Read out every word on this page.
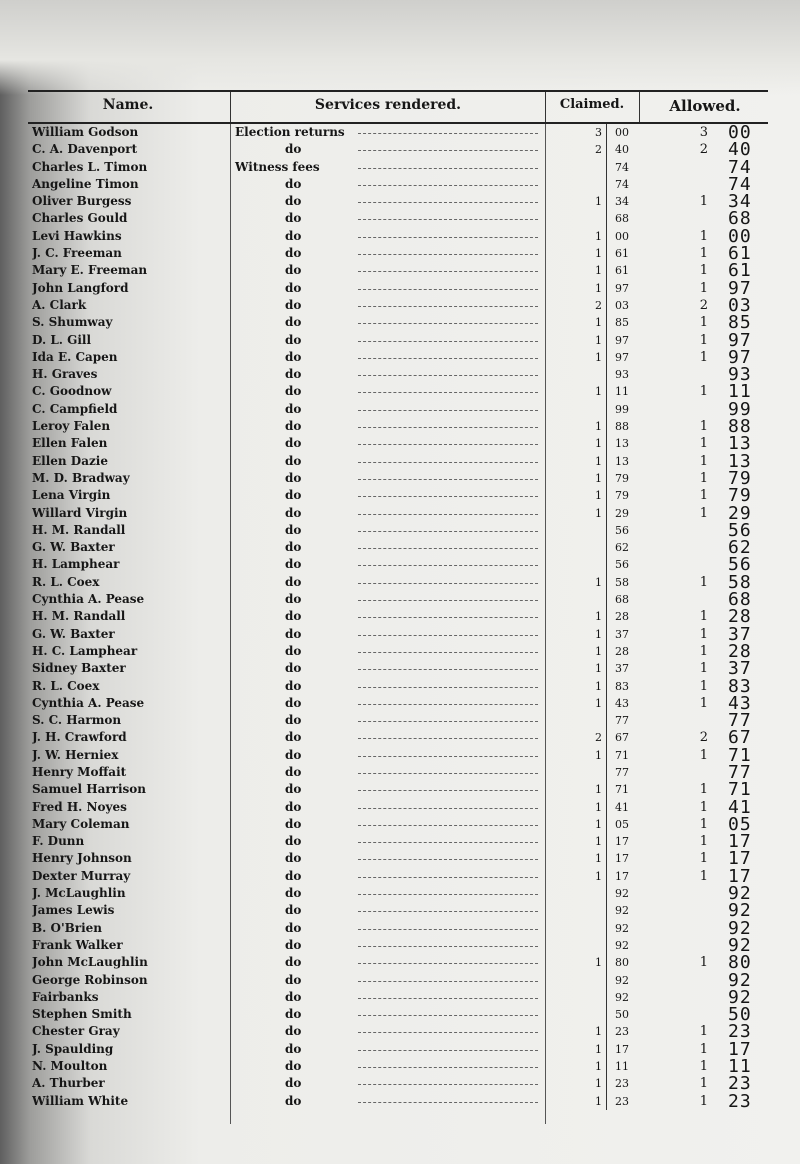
Name.	Services rendered.	Claimed.	Allowed.
William Godson	Election returns	3	00	3 00
C. A. Davenport	do	2	40	2 40
Charles L. Timon	Witness fees	74	74
Angeline Timon	do	74	74
Oliver Burgess	do	1	34	1 34
Charles Gould	do	68	68
Levi Hawkins	do	1	00	1 00
J. C. Freeman	do	1	61	1 61
Mary E. Freeman	do	1	61	1 61
John Langford	do	1	97	1 97
A. Clark	do	2	03	2 03
S. Shumway	do	1	85	1 85
D. L. Gill	do	1	97	1 97
Ida E. Capen	do	1	97	1 97
H. Graves	do	93	93
C. Goodnow	do	1	11	1 11
C. Campfield	do	99	99
Leroy Falen	do	1	88	1 88
Ellen Falen	do	1	13	1 13
Ellen Dazie	do	1	13	1 13
M. D. Bradway	do	1	79	1 79
Lena Virgin	do	1	79	1 79
Willard Virgin	do	1	29	1 29
H. M. Randall	do	56	56
G. W. Baxter	do	62	62
H. Lamphear	do	56	56
R. L. Coex	do	1	58	1 58
Cynthia A. Pease	do	68	68
H. M. Randall	do	1	28	1 28
G. W. Baxter	do	1	37	1 37
H. C. Lamphear	do	1	28	1 28
Sidney Baxter	do	1	37	1 37
R. L. Coex	do	1	83	1 83
Cynthia A. Pease	do	1	43	1 43
S. C. Harmon	do	77	77
J. H. Crawford	do	2	67	2 67
J. W. Herniex	do	1	71	1 71
Henry Moffait	do	77	77
Samuel Harrison	do	1	71	1 71
Fred H. Noyes	do	1	41	1 41
Mary Coleman	do	1	05	1 05
F. Dunn	do	1	17	1 17
Henry Johnson	do	1	17	1 17
Dexter Murray	do	1	17	1 17
J. McLaughlin	do	92	92
James Lewis	do	92	92
B. O'Brien	do	92	92
Frank Walker	do	92	92
John McLaughlin	do	1	80	1 80
George Robinson	do	92	92
Fairbanks	do	92	92
Stephen Smith	do	50	50
Chester Gray	do	1	23	1 23
J. Spaulding	do	1	17	1 17
N. Moulton	do	1	11	1 11
A. Thurber	do	1	23	1 23
William White	do	1	23	1 23
